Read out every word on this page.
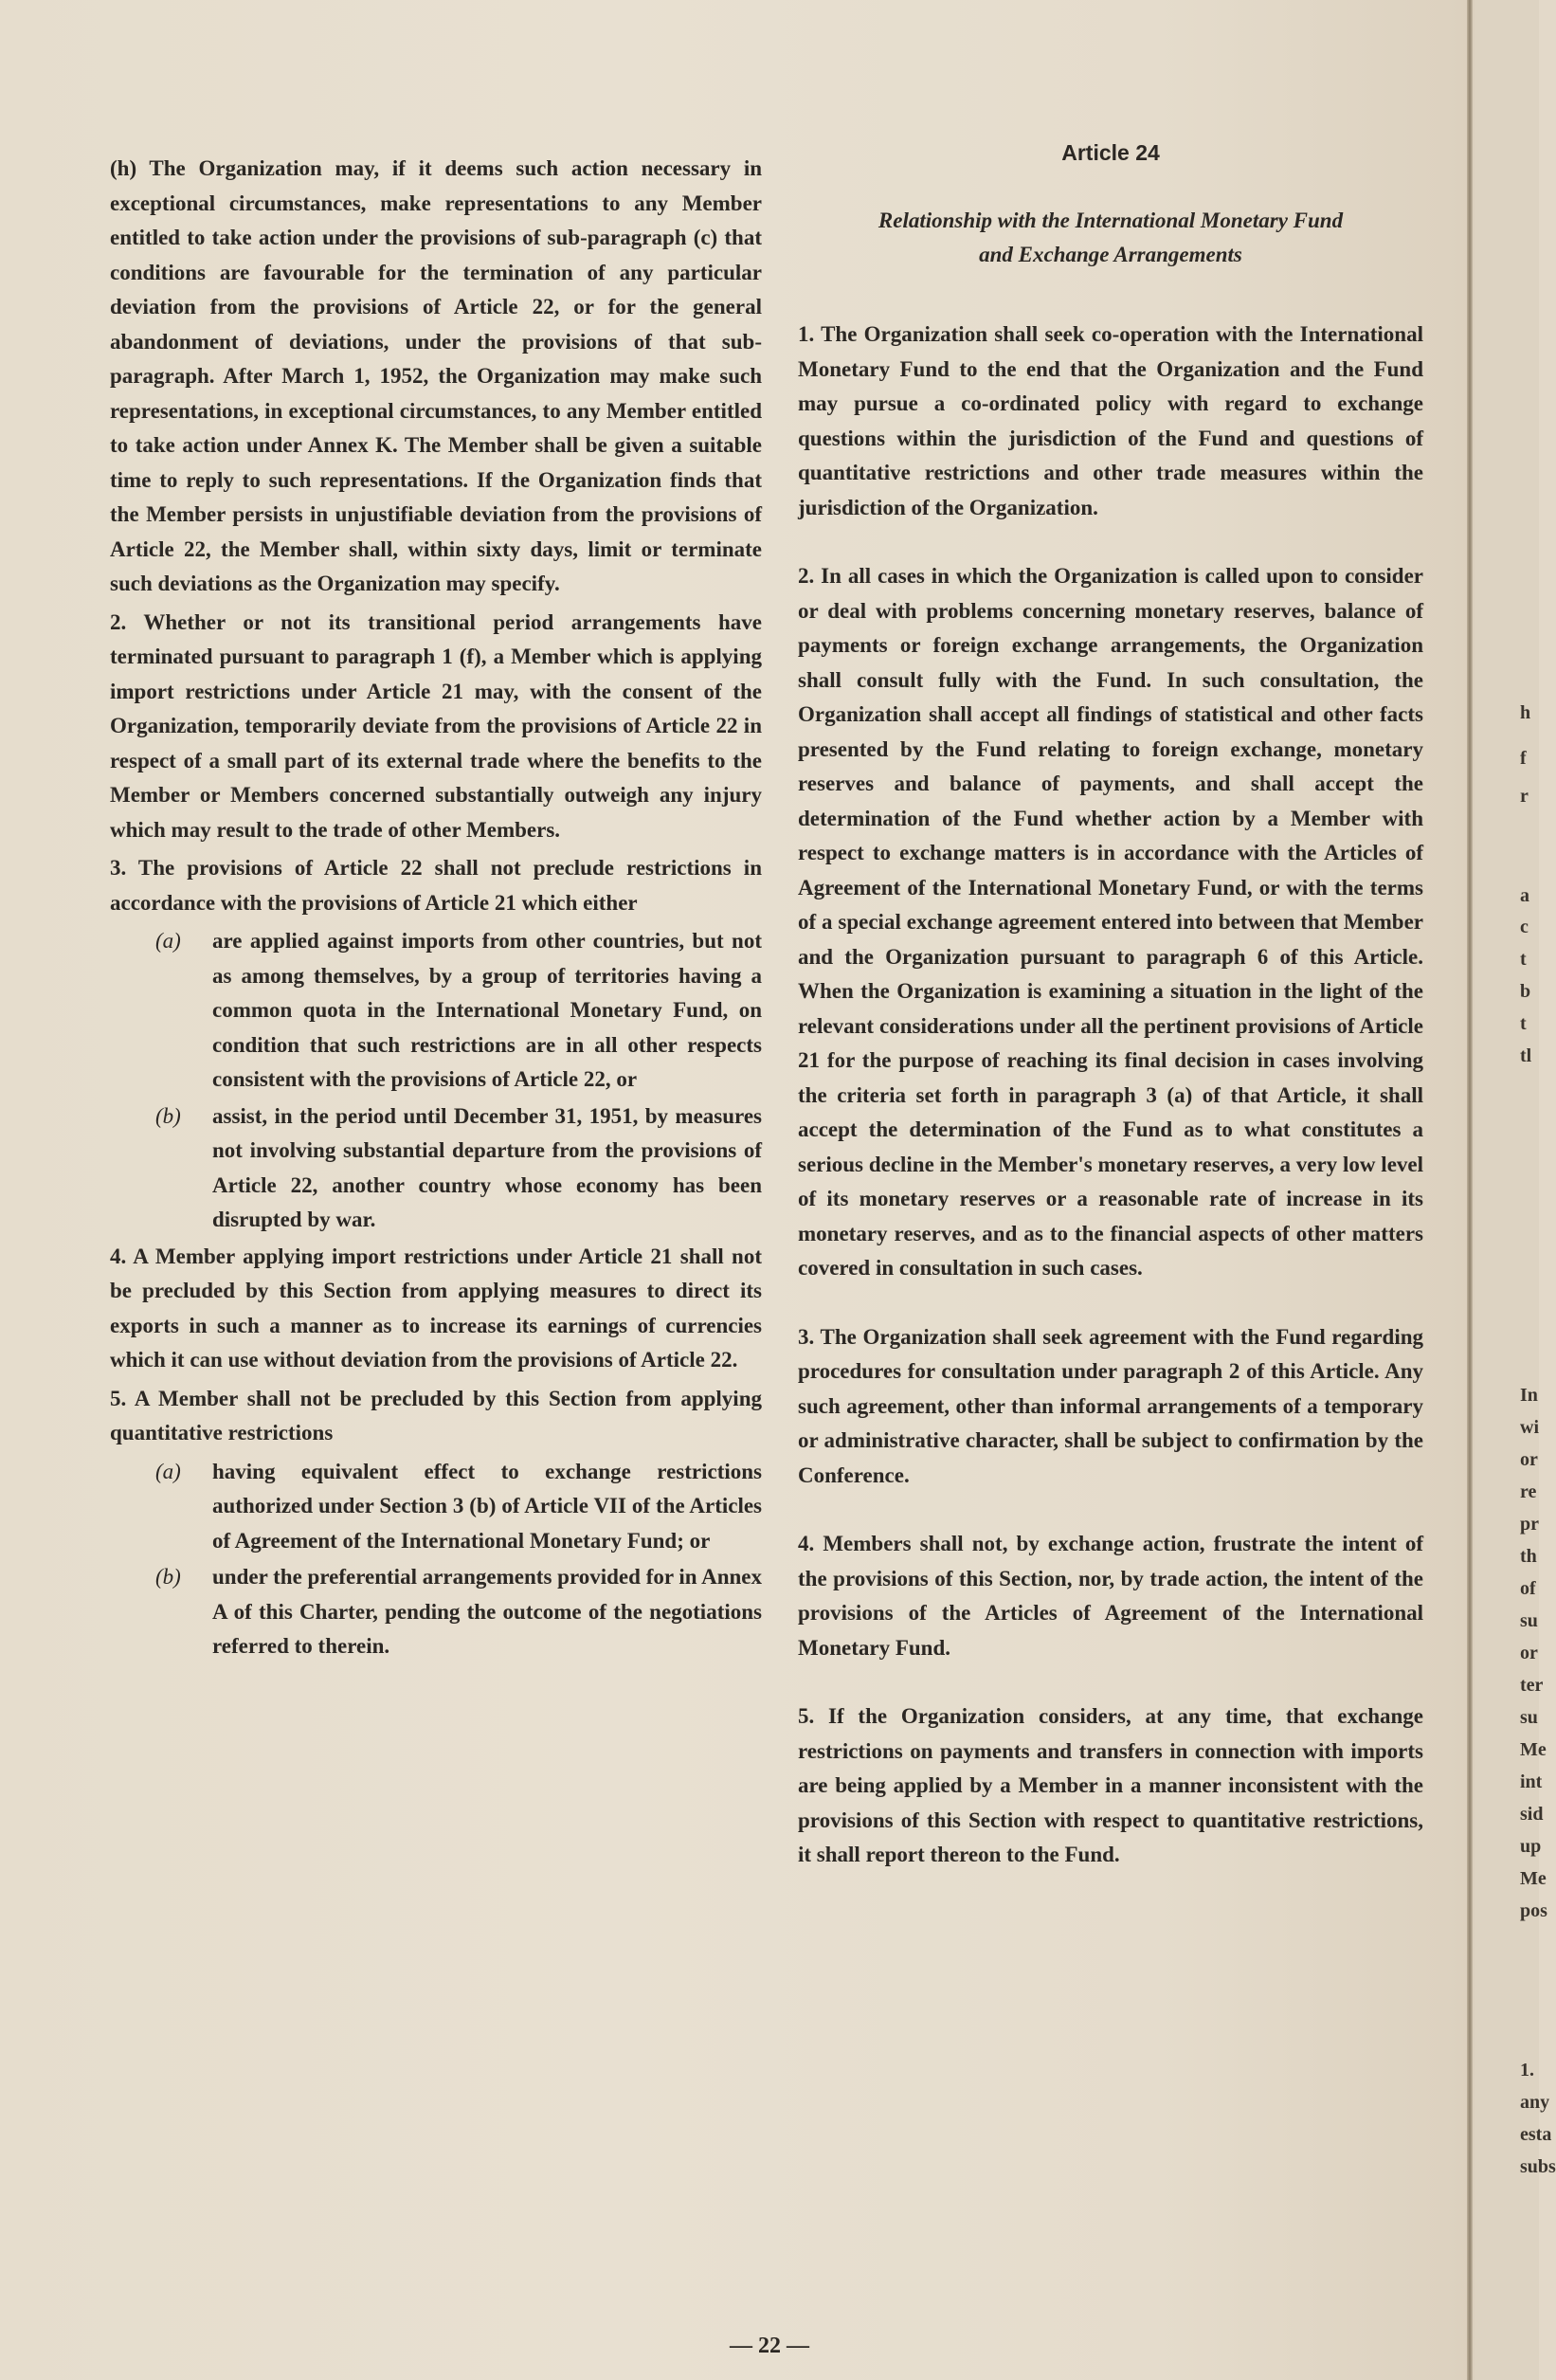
(h) The Organization may, if it deems such action necessary in exceptional circumstances, make representations to any Member entitled to take action under the provisions of sub-paragraph (c) that conditions are favourable for the termination of any particular deviation from the provisions of Article 22, or for the general abandonment of deviations, under the provisions of that sub-paragraph. After March 1, 1952, the Organization may make such representations, in exceptional circumstances, to any Member entitled to take action under Annex K. The Member shall be given a suitable time to reply to such representations. If the Organization finds that the Member persists in unjustifiable deviation from the provisions of Article 22, the Member shall, within sixty days, limit or terminate such deviations as the Organization may specify.

2. Whether or not its transitional period arrangements have terminated pursuant to paragraph 1 (f), a Member which is applying import restrictions under Article 21 may, with the consent of the Organization, temporarily deviate from the provisions of Article 22 in respect of a small part of its external trade where the benefits to the Member or Members concerned substantially outweigh any injury which may result to the trade of other Members.

3. The provisions of Article 22 shall not preclude restrictions in accordance with the provisions of Article 21 which either

(a) are applied against imports from other countries, but not as among themselves, by a group of territories having a common quota in the International Monetary Fund, on condition that such restrictions are in all other respects consistent with the provisions of Article 22, or
(b) assist, in the period until December 31, 1951, by measures not involving substantial departure from the provisions of Article 22, another country whose economy has been disrupted by war.

4. A Member applying import restrictions under Article 21 shall not be precluded by this Section from applying measures to direct its exports in such a manner as to increase its earnings of currencies which it can use without deviation from the provisions of Article 22.

5. A Member shall not be precluded by this Section from applying quantitative restrictions

(a) having equivalent effect to exchange restrictions authorized under Section 3 (b) of Article VII of the Articles of Agreement of the International Monetary Fund; or
(b) under the preferential arrangements provided for in Annex A of this Charter, pending the outcome of the negotiations referred to therein.
Article 24
Relationship with the International Monetary Fund
and Exchange Arrangements

1. The Organization shall seek co-operation with the International Monetary Fund to the end that the Organization and the Fund may pursue a co-ordinated policy with regard to exchange questions within the jurisdiction of the Fund and questions of quantitative restrictions and other trade measures within the jurisdiction of the Organization.

2. In all cases in which the Organization is called upon to consider or deal with problems concerning monetary reserves, balance of payments or foreign exchange arrangements, the Organization shall consult fully with the Fund. In such consultation, the Organization shall accept all findings of statistical and other facts presented by the Fund relating to foreign exchange, monetary reserves and balance of payments, and shall accept the determination of the Fund whether action by a Member with respect to exchange matters is in accordance with the Articles of Agreement of the International Monetary Fund, or with the terms of a special exchange agreement entered into between that Member and the Organization pursuant to paragraph 6 of this Article. When the Organization is examining a situation in the light of the relevant considerations under all the pertinent provisions of Article 21 for the purpose of reaching its final decision in cases involving the criteria set forth in paragraph 3 (a) of that Article, it shall accept the determination of the Fund as to what constitutes a serious decline in the Member's monetary reserves, a very low level of its monetary reserves or a reasonable rate of increase in its monetary reserves, and as to the financial aspects of other matters covered in consultation in such cases.

3. The Organization shall seek agreement with the Fund regarding procedures for consultation under paragraph 2 of this Article. Any such agreement, other than informal arrangements of a temporary or administrative character, shall be subject to confirmation by the Conference.

4. Members shall not, by exchange action, frustrate the intent of the provisions of this Section, nor, by trade action, the intent of the provisions of the Articles of Agreement of the International Monetary Fund.

5. If the Organization considers, at any time, that exchange restrictions on payments and transfers in connection with imports are being applied by a Member in a manner inconsistent with the provisions of this Section with respect to quantitative restrictions, it shall report thereon to the Fund.

— 22 —
h
f
r
a
c
t
b
t
tl
In
wi
or
re
pr
th
of
su
or
ter
su
Me
int
sid
up
Me
pos
1.
any
esta
subs
